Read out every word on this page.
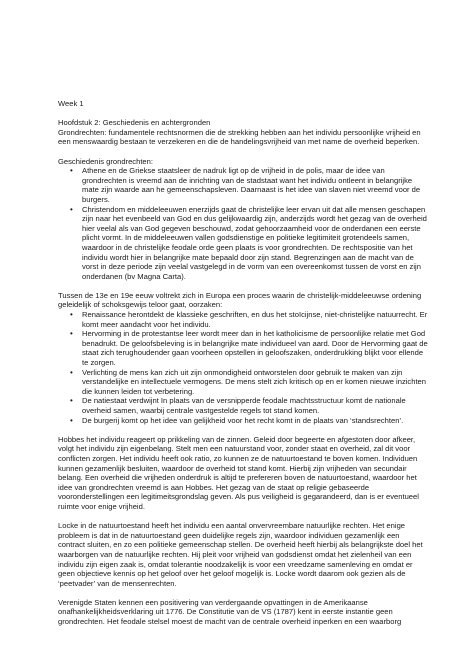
Week 1

Hoofdstuk 2: Geschiedenis en achtergronden

Grondrechten: fundamentele rechtsnormen die de strekking hebben aan het individu persoonlijke vrijheid en een menswaardig bestaan te verzekeren en die de handelingsvrijheid van met name de overheid beperken.

Geschiedenis grondrechten:

• Athene en de Griekse staatsleer de nadruk ligt op de vrijheid in de polis, maar de idee van grondrechten is vreemd aan de inrichting van de stadstaat want het individu ontleent in belangrijke mate zijn waarde aan he gemeenschapsleven. Daarnaast is het idee van slaven niet vreemd voor de burgers.
• Christendom en middeleeuwen enerzijds gaat de christelijke leer ervan uit dat alle mensen geschapen zijn naar het evenbeeld van God en dus gelijkwaardig zijn, anderzijds wordt het gezag van de overheid hier veelal als van God gegeven beschouwd, zodat gehoorzaamheid voor de onderdanen een eerste plicht vormt. In de middeleeuwen vallen godsdienstige en politieke legitimiteit grotendeels samen, waardoor in de christelijke feodale orde geen plaats is voor grondrechten. De rechtspositie van het individu wordt hier in belangrijke mate bepaald door zijn stand. Begrenzingen aan de macht van de vorst in deze periode zijn veelal vastgelegd in de vorm van een overeenkomst tussen de vorst en zijn onderdanen (bv Magna Carta).

Tussen de 13e en 19e eeuw voltrekt zich in Europa een proces waarin de christelijk-middeleeuwse ordening geleidelijk of schoksgewijs teloor gaat, oorzaken:

• Renaissance herontdekt de klassieke geschriften, en dus het stoïcijnse, niet-christelijke natuurrecht. Er komt meer aandacht voor het individu.
• Hervorming in de protestantse leer wordt meer dan in het katholicisme de persoonlijke relatie met God benadrukt. De geloofsbeleving is in belangrijke mate individueel van aard. Door de Hervorming gaat de staat zich terughoudender gaan voorheen opstellen in geloofszaken, onderdrukking blijkt voor ellende te zorgen.
• Verlichting de mens kan zich uit zijn onmondigheid ontworstelen door gebruik te maken van zijn verstandelijke en intellectuele vermogens. De mens stelt zich kritisch op en er komen nieuwe inzichten die kunnen leiden tot verbetering.
• De natiestaat verdwijnt In plaats van de versnipperde feodale machtsstructuur komt de nationale overheid samen, waarbij centrale vastgestelde regels tot stand komen.
• De burgerij komt op het idee van gelijkheid voor het recht komt in de plaats van ‘standsrechten’.

Hobbes het individu reageert op prikkeling van de zinnen. Geleid door begeerte en afgestoten door afkeer, volgt het individu zijn eigenbelang. Stelt men een natuurstand voor, zonder staat en overheid, zal dit voor conflicten zorgen. Het individu heeft ook ratio, zo kunnen ze de natuurtoestand te boven komen. Individuen kunnen gezamenlijk besluiten, waardoor de overheid tot stand komt. Hierbij zijn vrijheden van secundair belang. Een overheid die vrijheden onderdruk is altijd te prefereren boven de natuurtoestand, waardoor het idee van grondrechten vreemd is aan Hobbes. Het gezag van de staat op religie gebaseerde vooronderstellingen een legitimeitsgrondslag geven. Als pus veiligheid is gegarandeerd, dan is er eventueel ruimte voor enige vrijheid.

Locke in de natuurtoestand heeft het individu een aantal onvervreembare natuurlijke rechten. Het enige probleem is dat in de natuurtoestand geen duidelijke regels zijn, waardoor individuen gezamenlijk een contract sluiten, en zo een politieke gemeenschap stellen. De overheid heeft hierbij als belangrijkste doel het waarborgen van de natuurlijke rechten. Hij pleit voor vrijheid van godsdienst omdat het zielenheil van een individu zijn eigen zaak is, omdat tolerantie noodzakelijk is voor een vreedzame samenleving en omdat er geen objectieve kennis op het geloof over het geloof mogelijk is. Locke wordt daarom ook gezien als de ‘peetvader’ van de mensenrechten.

Verenigde Staten kennen een positivering van verdergaande opvattingen in de Amerikaanse onafhankelijkheidsverklaring uit 1776. De Constitutie van de VS (1787) kent in eerste instantie geen grondrechten. Het feodale stelsel moest de macht van de centrale overheid inperken en een waarborg
